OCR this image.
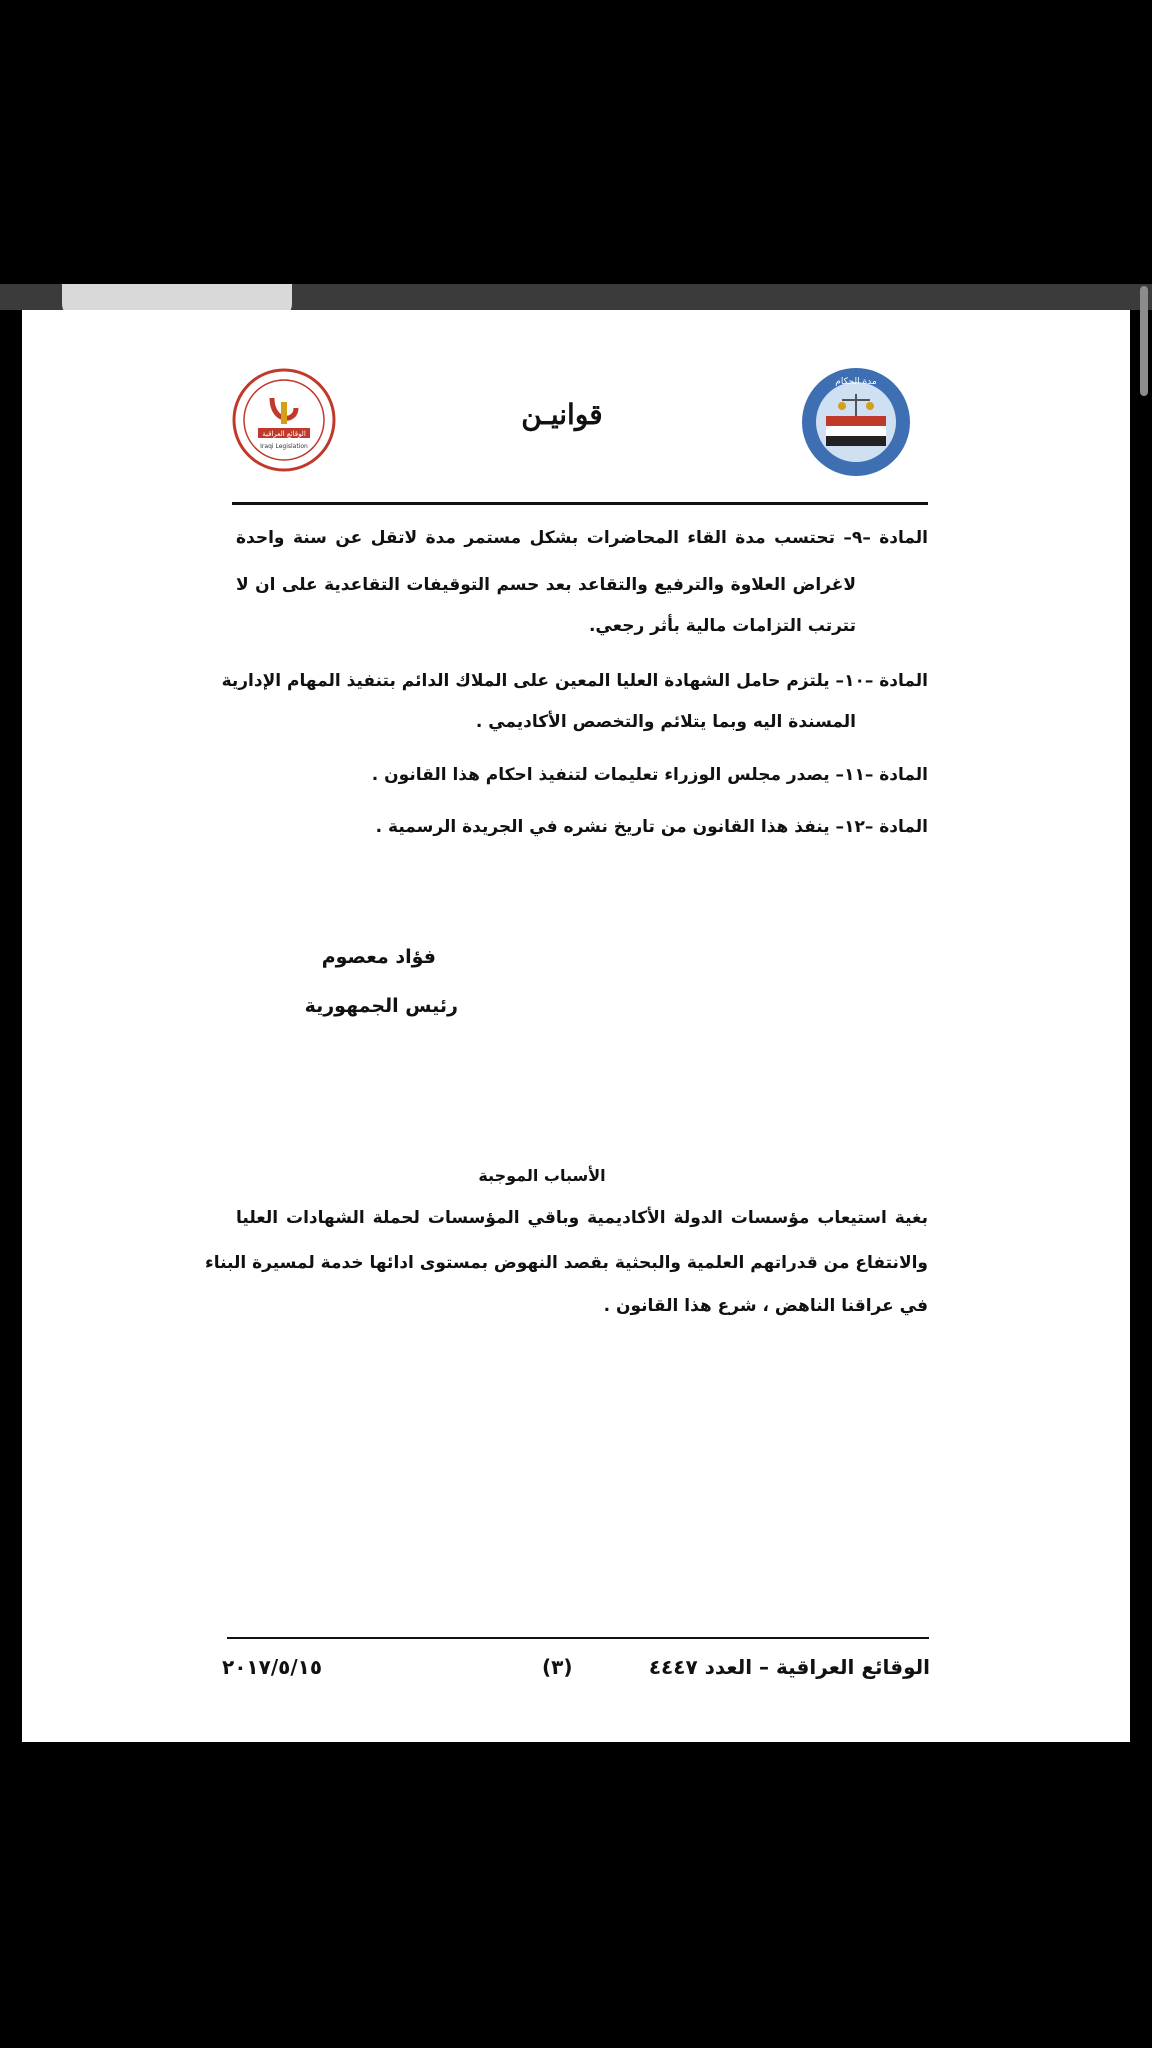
مدة الحكام
قوانيـن
الوقائع العراقية
Iraqi Legislation
المادة –٩– تحتسب مدة القاء المحاضرات بشكل مستمر مدة لاتقل عن سنة واحدة
لاغراض العلاوة والترفيع والتقاعد بعد حسم التوقيفات التقاعدية على ان لا
تترتب التزامات مالية بأثر رجعي.
المادة –١٠– يلتزم حامل الشهادة العليا المعين على الملاك الدائم بتنفيذ المهام الإدارية
المسندة اليه وبما يتلائم والتخصص الأكاديمي .
المادة –١١– يصدر مجلس الوزراء تعليمات لتنفيذ احكام هذا القانون .
المادة –١٢– ينفذ هذا القانون من تاريخ نشره في الجريدة الرسمية .
فؤاد معصوم
رئيس الجمهورية
الأسباب الموجبة
بغية استيعاب مؤسسات الدولة الأكاديمية وباقي المؤسسات لحملة الشهادات العليا
والانتفاع من قدراتهم العلمية والبحثية بقصد النهوض بمستوى ادائها خدمة لمسيرة البناء
في عراقنا الناهض ، شرع هذا القانون .
الوقائع العراقية – العدد ٤٤٤٧
(٣)
٢٠١٧/٥/١٥
